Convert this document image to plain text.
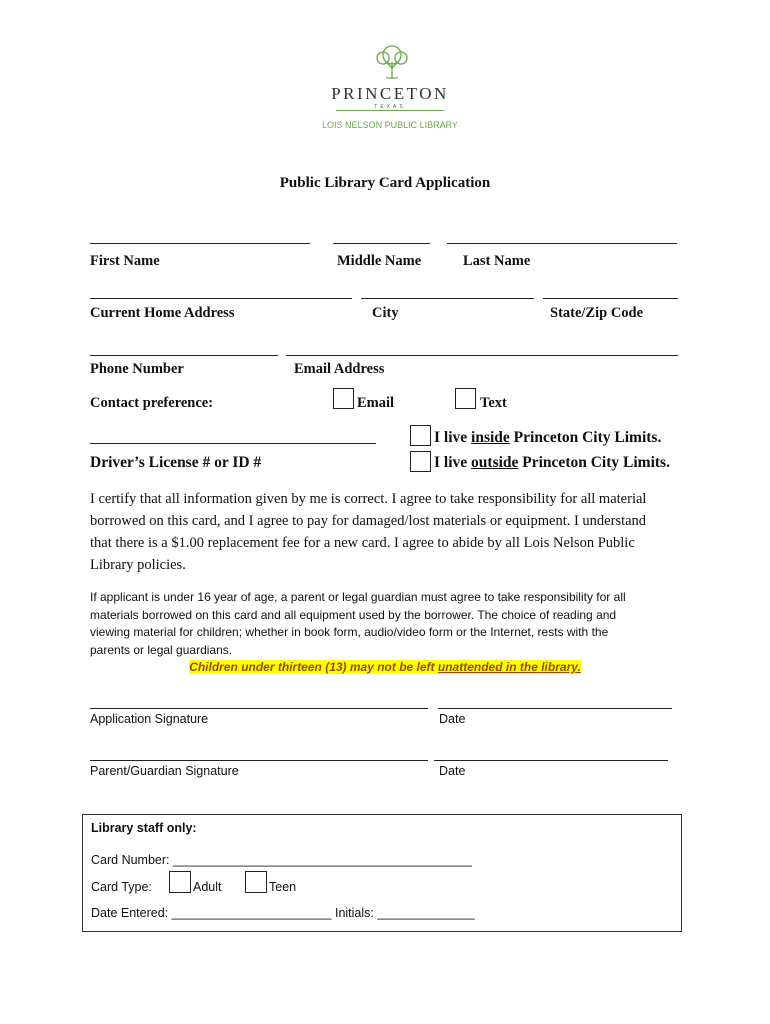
PRINCETON
TEXAS
LOIS NELSON PUBLIC LIBRARY
Public Library Card Application
First Name	Middle Name	Last Name
Current Home Address	City	State/Zip Code
Phone Number	Email Address
Contact preference:	Email	Text
Driver’s License # or ID #
I live inside Princeton City Limits.
I live outside Princeton City Limits.
I certify that all information given by me is correct. I agree to take responsibility for all material
borrowed on this card, and I agree to pay for damaged/lost materials or equipment. I understand
that there is a $1.00 replacement fee for a new card. I agree to abide by all Lois Nelson Public
Library policies.
If applicant is under 16 year of age, a parent or legal guardian must agree to take responsibility for all
materials borrowed on this card and all equipment used by the borrower. The choice of reading and
viewing material for children; whether in book form, audio/video form or the Internet, rests with the
parents or legal guardians.
Children under thirteen (13) may not be left unattended in the library.
Application Signature	Date
Parent/Guardian Signature	Date
Library staff only:
Card Number: ___________________________________________
Card Type:	Adult	Teen
Date Entered: _______________________ Initials: ______________
